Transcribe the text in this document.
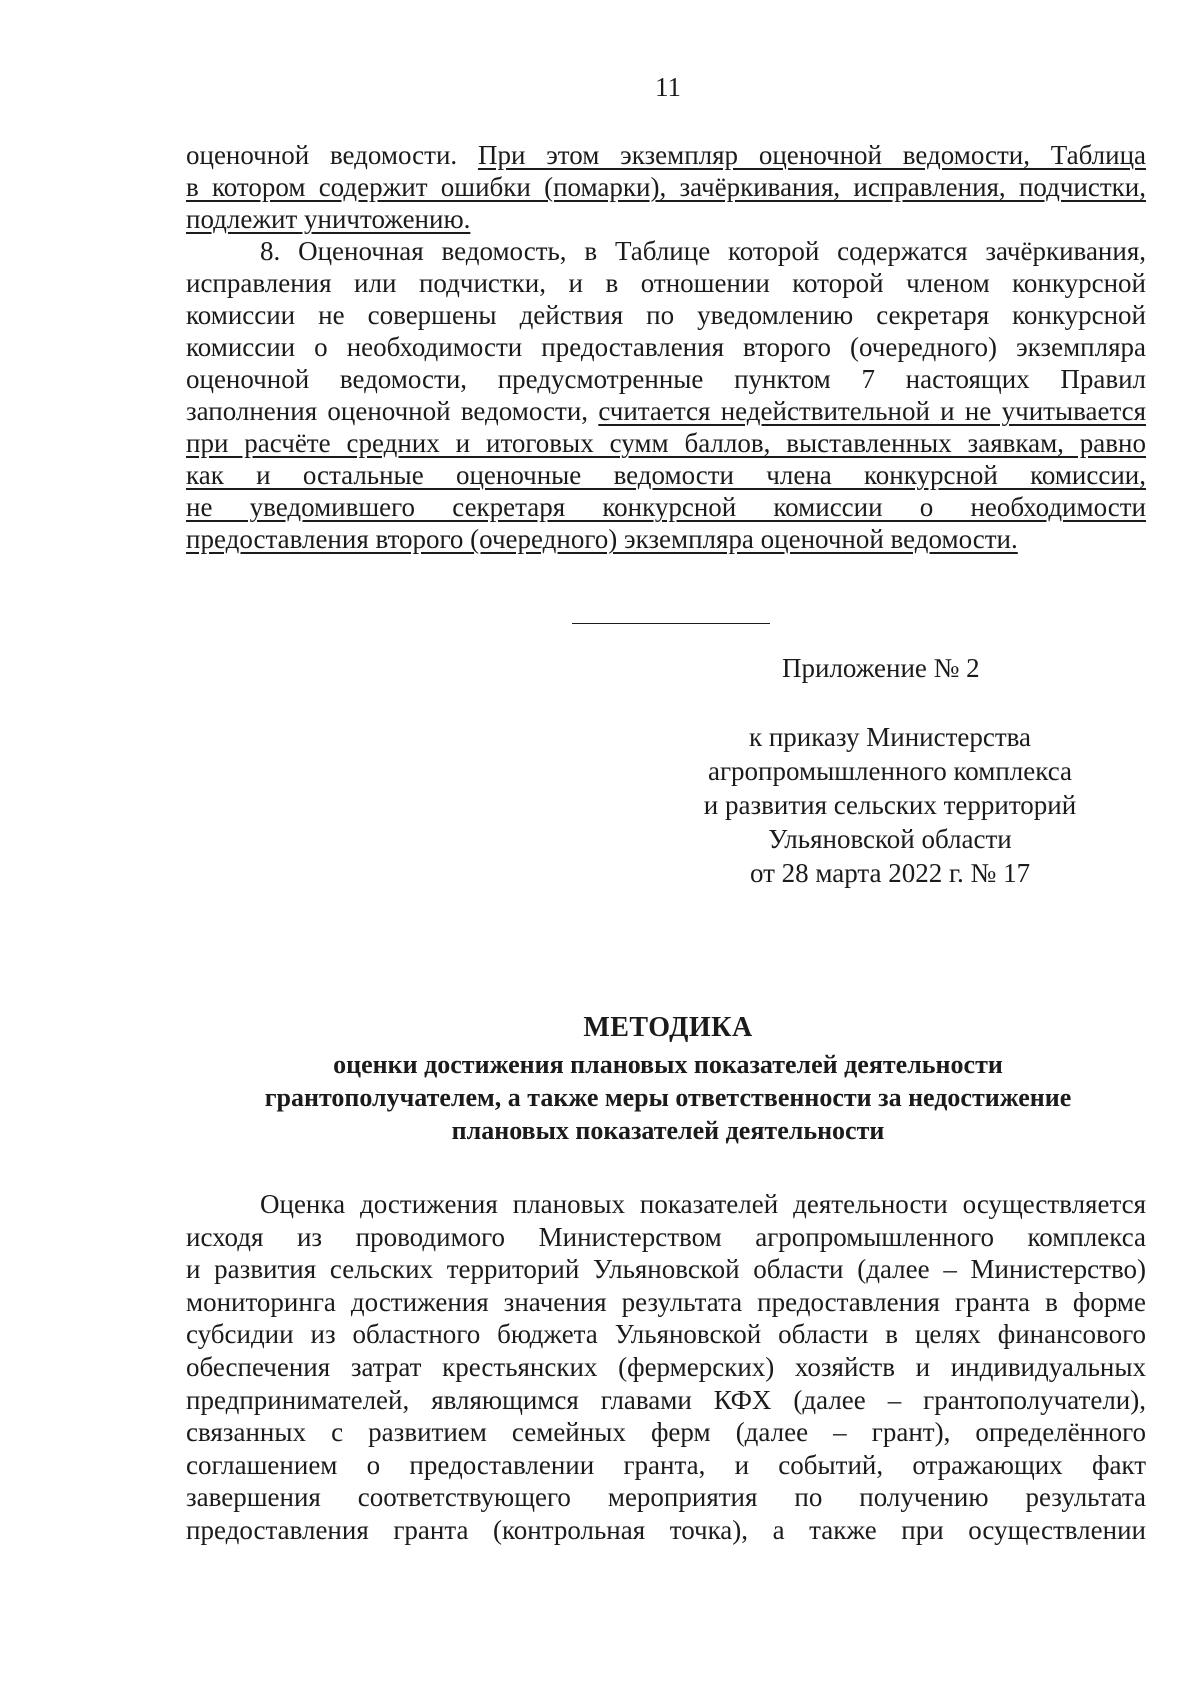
11
оценочной ведомости. При этом экземпляр оценочной ведомости, Таблица
в котором содержит ошибки (помарки), зачёркивания, исправления, подчистки,
подлежит уничтожению.
8. Оценочная ведомость, в Таблице которой содержатся зачёркивания,
исправления или подчистки, и в отношении которой членом конкурсной
комиссии не совершены действия по уведомлению секретаря конкурсной
комиссии о необходимости предоставления второго (очередного) экземпляра
оценочной ведомости, предусмотренные пунктом 7 настоящих Правил
заполнения оценочной ведомости, считается недействительной и не учитывается
при расчёте средних и итоговых сумм баллов, выставленных заявкам, равно
как и остальные оценочные ведомости члена конкурсной комиссии,
не уведомившего секретаря конкурсной комиссии о необходимости
предоставления второго (очередного) экземпляра оценочной ведомости.
Приложение № 2
к приказу Министерства
агропромышленного комплекса
и развития сельских территорий
Ульяновской области
от 28 марта 2022 г. № 17
МЕТОДИКА
оценки достижения плановых показателей деятельности
грантополучателем, а также меры ответственности за недостижение
плановых показателей деятельности
Оценка достижения плановых показателей деятельности осуществляется
исходя из проводимого Министерством агропромышленного комплекса
и развития сельских территорий Ульяновской области (далее – Министерство)
мониторинга достижения значения результата предоставления гранта в форме
субсидии из областного бюджета Ульяновской области в целях финансового
обеспечения затрат крестьянских (фермерских) хозяйств и индивидуальных
предпринимателей, являющимся главами КФХ (далее – грантополучатели),
связанных с развитием семейных ферм (далее – грант), определённого
соглашением о предоставлении гранта, и событий, отражающих факт
завершения соответствующего мероприятия по получению результата
предоставления гранта (контрольная точка), а также при осуществлении
